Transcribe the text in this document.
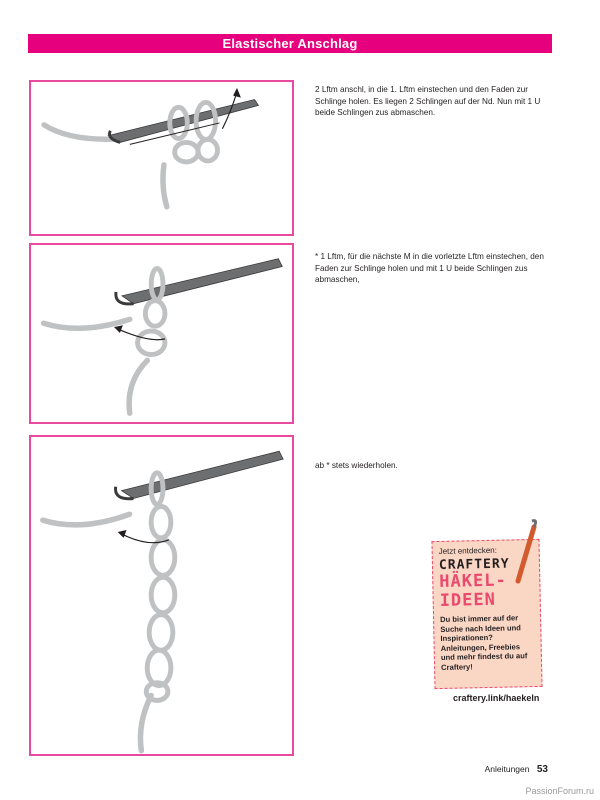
Elastischer Anschlag
2 Lftm anschl, in die 1. Lftm einstechen und den Faden zur Schlinge holen. Es liegen 2 Schlingen auf der Nd. Nun mit 1 U beide Schlingen zus abmaschen.
* 1 Lftm, für die nächste M in die vorletzte Lftm einstechen, den Faden zur Schlinge holen und mit 1 U beide Schlingen zus abmaschen,
ab * stets wiederholen.
Jetzt entdecken:
CRAFTERY
HÄKEL-
IDEEN
Du bist immer auf der Suche nach Ideen und Inspirationen? Anleitungen, Freebies und mehr findest du auf Craftery!
craftery.link/haekeln
Anleitungen 53
PassionForum.ru
